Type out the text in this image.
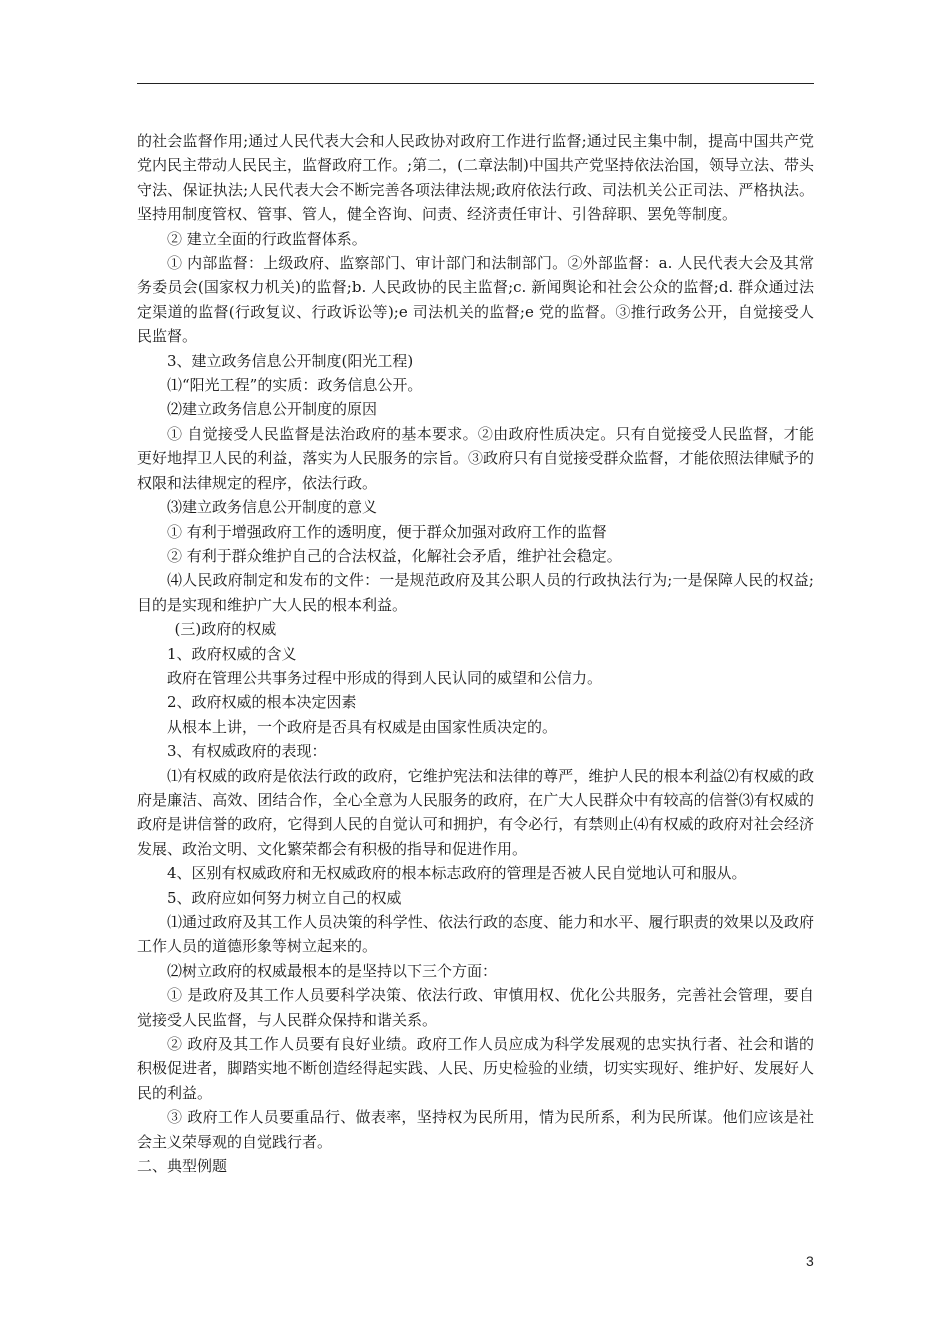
的社会监督作用;通过人民代表大会和人民政协对政府工作进行监督;通过民主集中制，提高中国共产党党内民主带动人民民主，监督政府工作。;第二，(二章法制)中国共产党坚持依法治国，领导立法、带头守法、保证执法;人民代表大会不断完善各项法律法规;政府依法行政、司法机关公正司法、严格执法。坚持用制度管权、管事、管人，健全咨询、问责、经济责任审计、引咎辞职、罢免等制度。

② 建立全面的行政监督体系。

① 内部监督：上级政府、监察部门、审计部门和法制部门。②外部监督：a. 人民代表大会及其常务委员会(国家权力机关)的监督;b. 人民政协的民主监督;c. 新闻舆论和社会公众的监督;d. 群众通过法定渠道的监督(行政复议、行政诉讼等);e 司法机关的监督;e 党的监督。③推行政务公开，自觉接受人民监督。

3、建立政务信息公开制度(阳光工程)

⑴“阳光工程”的实质：政务信息公开。

⑵建立政务信息公开制度的原因

① 自觉接受人民监督是法治政府的基本要求。②由政府性质决定。只有自觉接受人民监督，才能更好地捍卫人民的利益，落实为人民服务的宗旨。③政府只有自觉接受群众监督，才能依照法律赋予的权限和法律规定的程序，依法行政。

⑶建立政务信息公开制度的意义

① 有利于增强政府工作的透明度，便于群众加强对政府工作的监督

② 有利于群众维护自己的合法权益，化解社会矛盾，维护社会稳定。

⑷人民政府制定和发布的文件：一是规范政府及其公职人员的行政执法行为;一是保障人民的权益;目的是实现和维护广大人民的根本利益。

(三)政府的权威

1、政府权威的含义

政府在管理公共事务过程中形成的得到人民认同的威望和公信力。

2、政府权威的根本决定因素

从根本上讲，一个政府是否具有权威是由国家性质决定的。

3、有权威政府的表现：

⑴有权威的政府是依法行政的政府，它维护宪法和法律的尊严，维护人民的根本利益⑵有权威的政府是廉洁、高效、团结合作，全心全意为人民服务的政府，在广大人民群众中有较高的信誉⑶有权威的政府是讲信誉的政府，它得到人民的自觉认可和拥护，有令必行，有禁则止⑷有权威的政府对社会经济发展、政治文明、文化繁荣都会有积极的指导和促进作用。

4、区别有权威政府和无权威政府的根本标志政府的管理是否被人民自觉地认可和服从。

5、政府应如何努力树立自己的权威

⑴通过政府及其工作人员决策的科学性、依法行政的态度、能力和水平、履行职责的效果以及政府工作人员的道德形象等树立起来的。

⑵树立政府的权威最根本的是坚持以下三个方面：

① 是政府及其工作人员要科学决策、依法行政、审慎用权、优化公共服务，完善社会管理，要自觉接受人民监督，与人民群众保持和谐关系。

② 政府及其工作人员要有良好业绩。政府工作人员应成为科学发展观的忠实执行者、社会和谐的积极促进者，脚踏实地不断创造经得起实践、人民、历史检验的业绩，切实实现好、维护好、发展好人民的利益。

③ 政府工作人员要重品行、做表率，坚持权为民所用，情为民所系，利为民所谋。他们应该是社会主义荣辱观的自觉践行者。

二、典型例题

3
